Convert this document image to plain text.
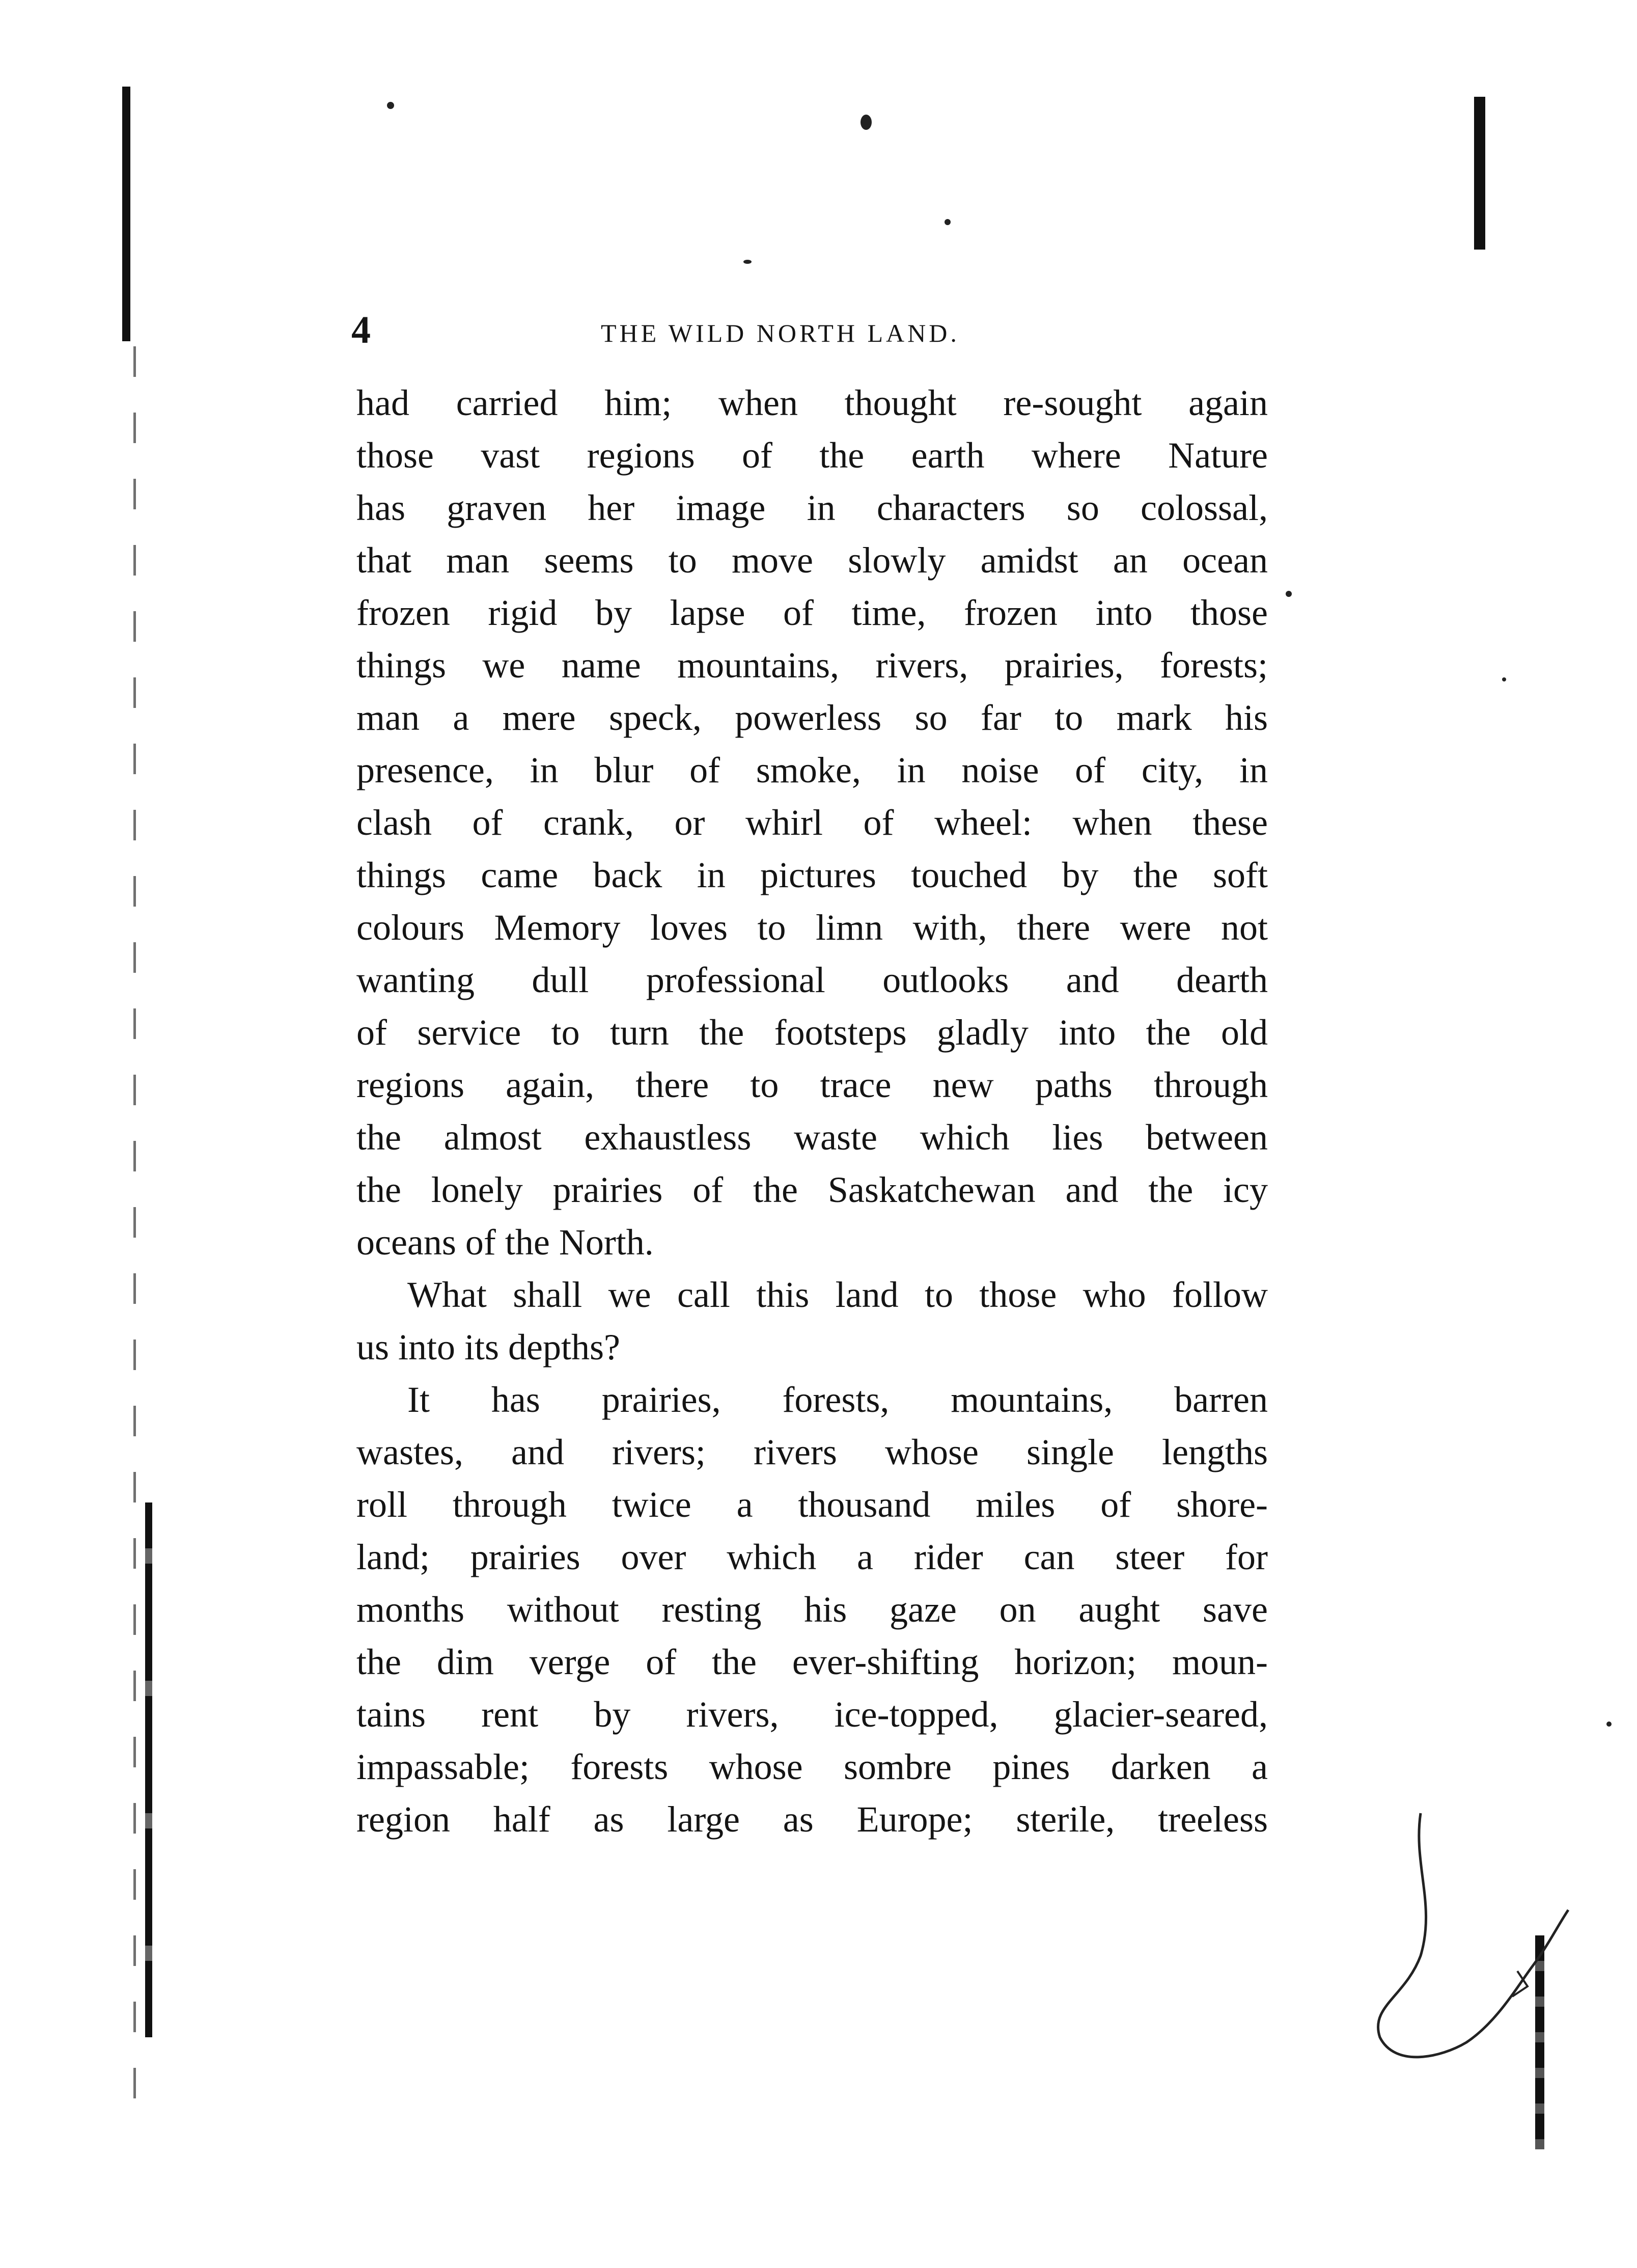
4	THE WILD NORTH LAND.
had carried him; when thought re-sought again
those vast regions of the earth where Nature
has graven her image in characters so colossal,
that man seems to move slowly amidst an ocean
frozen rigid by lapse of time, frozen into those
things we name mountains, rivers, prairies, forests;
man a mere speck, powerless so far to mark his
presence, in blur of smoke, in noise of city, in
clash of crank, or whirl of wheel: when these
things came back in pictures touched by the soft
colours Memory loves to limn with, there were not
wanting dull professional outlooks and dearth
of service to turn the footsteps gladly into the old
regions again, there to trace new paths through
the almost exhaustless waste which lies between
the lonely prairies of the Saskatchewan and the icy
oceans of the North.
What shall we call this land to those who follow
us into its depths?
It has prairies, forests, mountains, barren
wastes, and rivers; rivers whose single lengths
roll through twice a thousand miles of shore-
land; prairies over which a rider can steer for
months without resting his gaze on aught save
the dim verge of the ever-shifting horizon; moun-
tains rent by rivers, ice-topped, glacier-seared,
impassable; forests whose sombre pines darken a
region half as large as Europe; sterile, treeless
